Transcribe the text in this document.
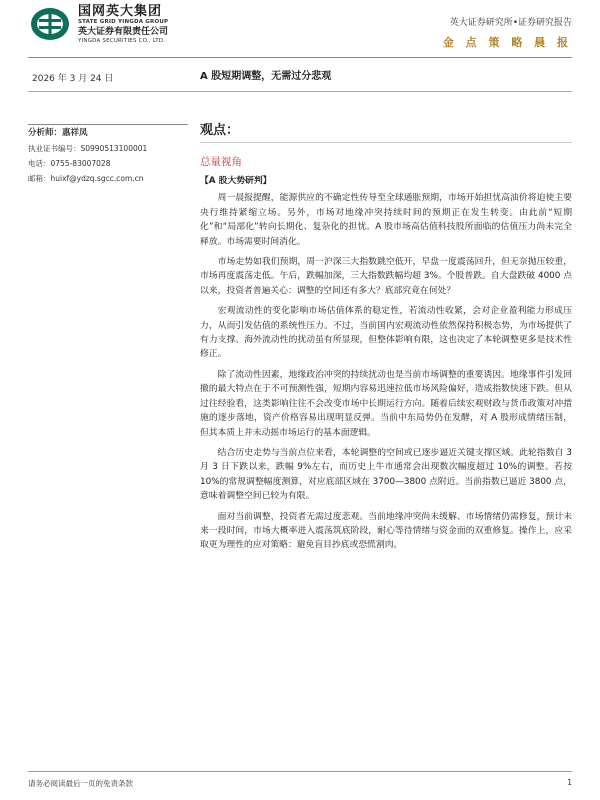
国网英大集团
STATE GRID YINGDA GROUP
英大证券有限责任公司
YINGDA SECURITIES CO., LTD.
英大证券研究所•证券研究报告
金 点 策 略 晨 报
2026 年 3 月 24 日	A 股短期调整，无需过分悲观
分析师：惠祥凤
执业证书编号：S0990513100001
电话：0755-83007028
邮箱：huixf@ydzq.sgcc.com.cn
观点：
总量视角
【A 股大势研判】

周一晨报提醒，能源供应的不确定性传导至全球通胀预期，市场开始担忧高油价将迫使主要央行维持紧缩立场。另外，市场对地缘冲突持续时间的预期正在发生转变。由此前“短期化”和“局部化”转向长期化、复杂化的担忧。A 股市场高估值科技股所面临的估值压力尚未完全释放。市场需要时间消化。

市场走势如我们预期，周一沪深三大指数跳空低开，早盘一度震荡回升，但无奈抛压较重，市场再度震荡走低。午后，跌幅加深，三大指数跌幅均超 3%。个股普跌。自大盘跌破 4000 点以来，投资者普遍关心：调整的空间还有多大？底部究竟在何处？

宏观流动性的变化影响市场估值体系的稳定性，若流动性收紧，会对企业盈利能力形成压力，从而引发估值的系统性压力。不过，当前国内宏观流动性依然保持积极态势，为市场提供了有力支撑。海外流动性的扰动虽有所显现，但整体影响有限，这也决定了本轮调整更多是技术性修正。

除了流动性因素，地缘政治冲突的持续扰动也是当前市场调整的重要诱因。地缘事件引发回撤的最大特点在于不可预测性强，短期内容易迅速拉低市场风险偏好，造成指数快速下跌。但从过往经验看，这类影响往往不会改变市场中长期运行方向。随着后续宏观财政与货币政策对冲措施的逐步落地，资产价格容易出现明显反弹。当前中东局势仍在发酵，对 A 股形成情绪压制，但其本质上并未动摇市场运行的基本面逻辑。

结合历史走势与当前点位来看，本轮调整的空间或已逐步逼近关键支撑区域。此轮指数自 3 月 3 日下跌以来，跌幅 9%左右，而历史上牛市通常会出现数次幅度超过 10%的调整。若按 10%的常规调整幅度测算，对应底部区域在 3700—3800 点附近。当前指数已逼近 3800 点，意味着调整空间已较为有限。

面对当前调整，投资者无需过度悲观。当前地缘冲突尚未缓解、市场情绪仍需修复，预计未来一段时间，市场大概率进入震荡筑底阶段，耐心等待情绪与资金面的双重修复。操作上，应采取更为理性的应对策略：避免盲目抄底或恐慌割肉。

请务必阅读最后一页的免责条款	1
